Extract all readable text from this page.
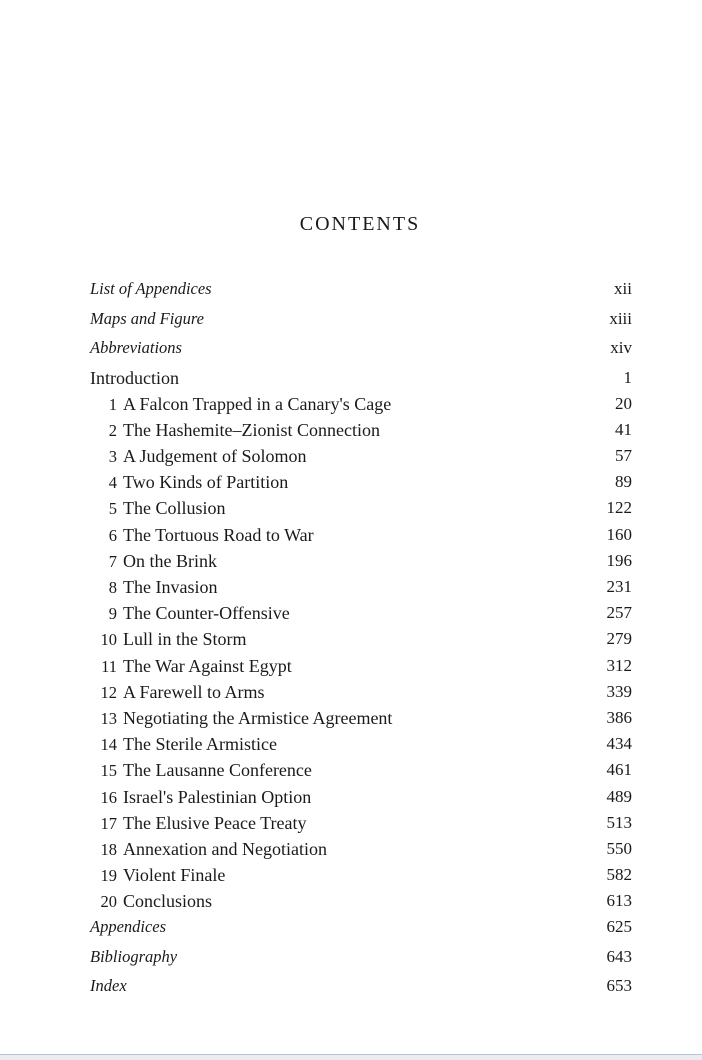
CONTENTS
List of Appendices	xii
Maps and Figure	xiii
Abbreviations	xiv
Introduction	1
1 A Falcon Trapped in a Canary's Cage	20
2 The Hashemite–Zionist Connection	41
3 A Judgement of Solomon	57
4 Two Kinds of Partition	89
5 The Collusion	122
6 The Tortuous Road to War	160
7 On the Brink	196
8 The Invasion	231
9 The Counter-Offensive	257
10 Lull in the Storm	279
11 The War Against Egypt	312
12 A Farewell to Arms	339
13 Negotiating the Armistice Agreement	386
14 The Sterile Armistice	434
15 The Lausanne Conference	461
16 Israel's Palestinian Option	489
17 The Elusive Peace Treaty	513
18 Annexation and Negotiation	550
19 Violent Finale	582
20 Conclusions	613
Appendices	625
Bibliography	643
Index	653
